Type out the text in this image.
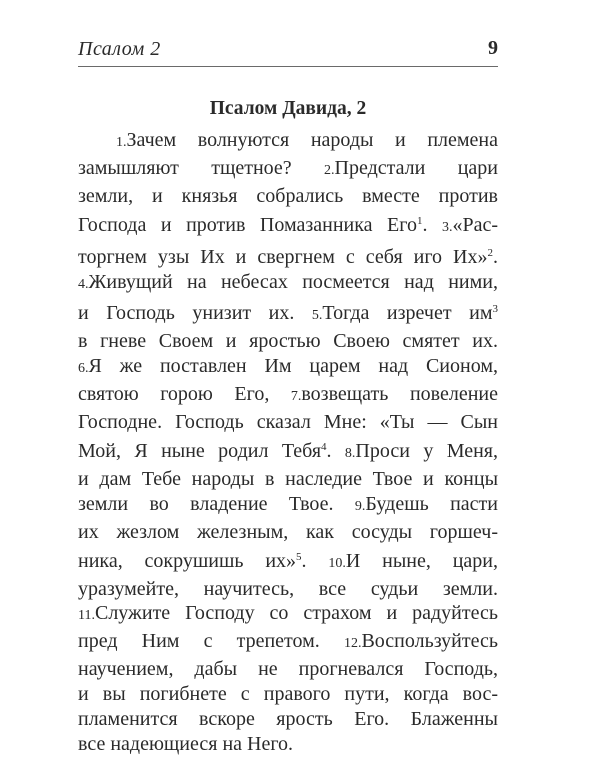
Псалом 2	9
Псалом Давида, 2
1.Зачем волнуются народы и племена
замышляют тщетное? 2.Предстали цари
земли, и князья собрались вместе против
Господа и против Помазанника Его$^1$. 3.«Рас-
торгнем узы Их и свергнем с себя иго Их»$^2$.
4.Живущий на небесах посмеется над ними,
и Господь унизит их. 5.Тогда изречет $им^3$
в гневе Своем и яростью Своею смятет их.
6.Я же поставлен Им царем над Сионом,
святою горою Его, 7.возвещать повеление
Господне. Господь сказал Мне: «Ты — Сын
Мой, Я ныне родил Тебя$^4$. 8.Проси у Меня,
и дам Тебе народы в наследие Твое и концы
земли во владение Твое. 9.Будешь пасти
их жезлом железным, как сосуды горшеч-
ника, сокрушишь их»$^5$. 10.И ныне, цари,
уразумейте, научитесь, все судьи земли.
11.Служите Господу со страхом и радуйтесь
пред Ним с трепетом. 12.Воспользуйтесь
научением, дабы не прогневался Господь,
и вы погибнете с правого пути, когда вос-
пламенится вскоре ярость Его. Блаженны
все надеющиеся на Него.
